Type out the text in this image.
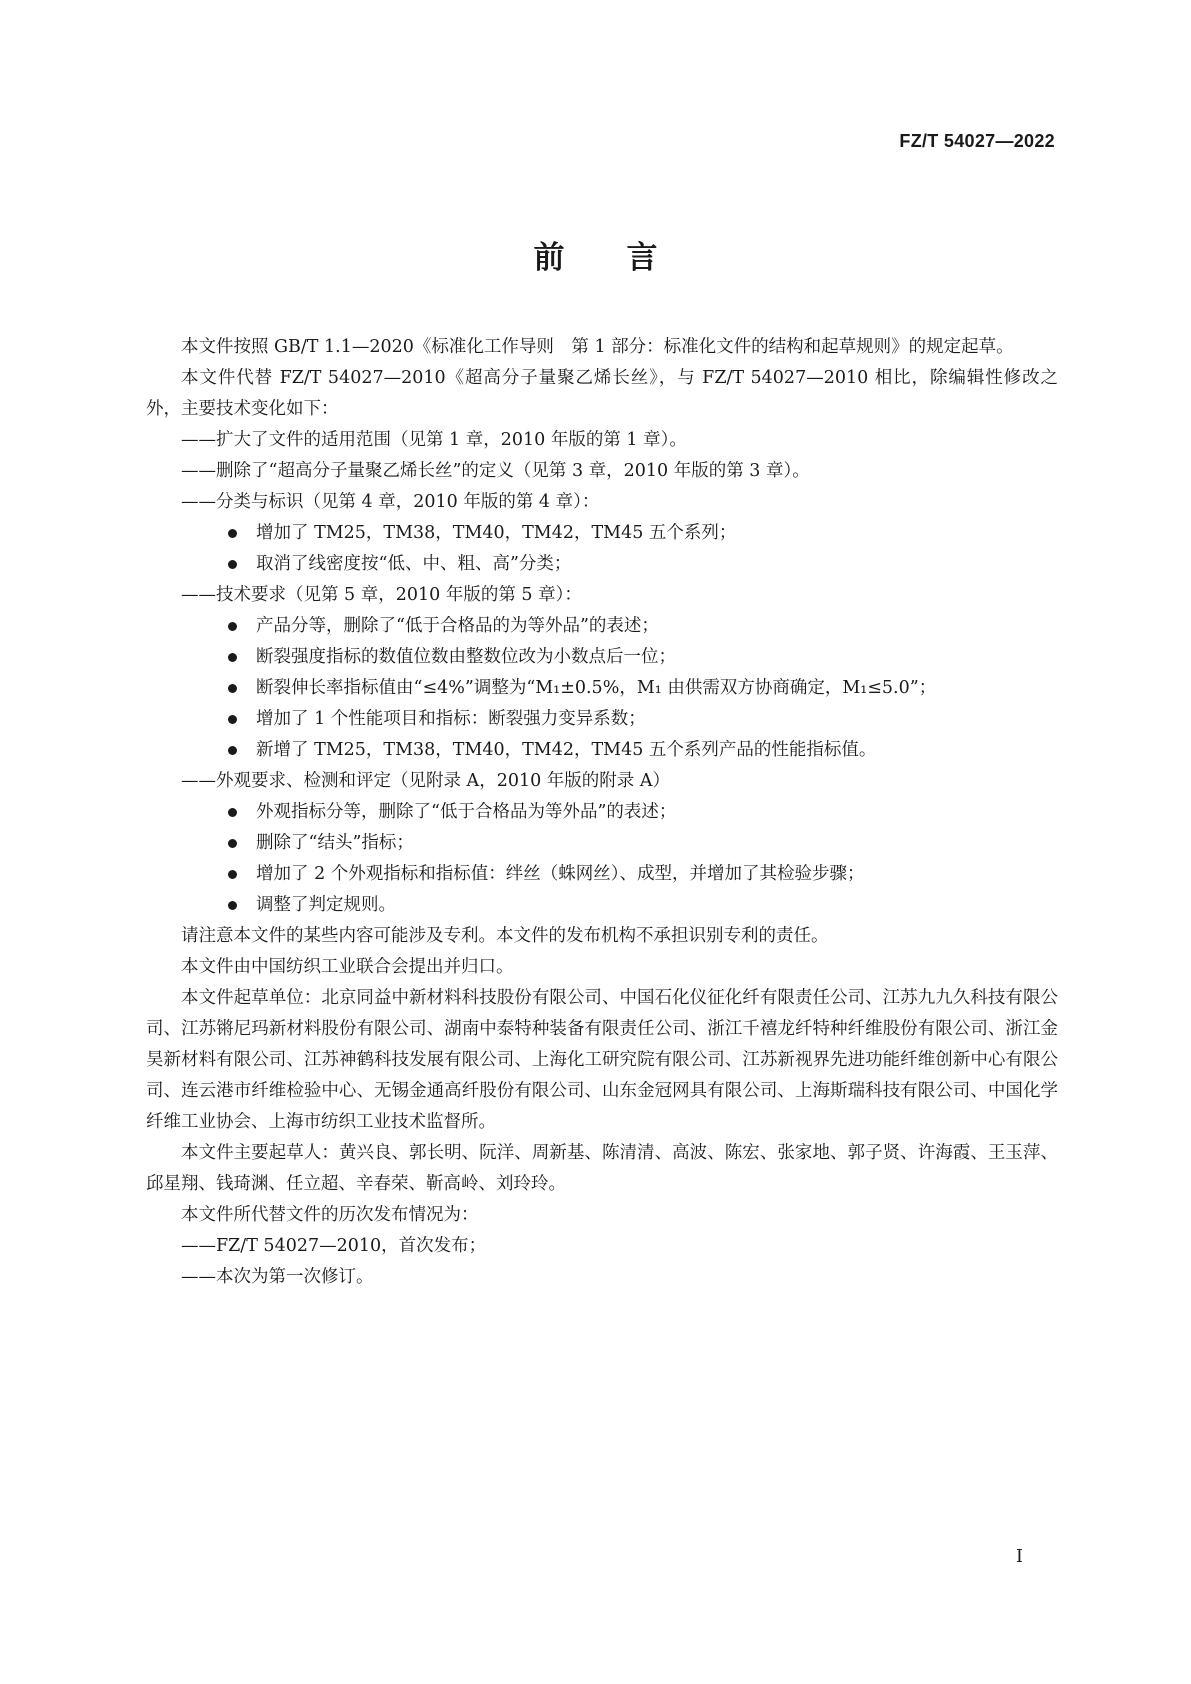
FZ/T 54027—2022
前言

本文件按照 GB/T 1.1—2020《标准化工作导则　第 1 部分：标准化文件的结构和起草规则》的规定起草。

本文件代替 FZ/T 54027—2010《超高分子量聚乙烯长丝》，与 FZ/T 54027—2010 相比，除编辑性修改之外，主要技术变化如下：

——扩大了文件的适用范围（见第 1 章，2010 年版的第 1 章）。

——删除了“超高分子量聚乙烯长丝”的定义（见第 3 章，2010 年版的第 3 章）。

——分类与标识（见第 4 章，2010 年版的第 4 章）：

增加了 TM25，TM38，TM40，TM42，TM45 五个系列；

取消了线密度按“低、中、粗、高”分类；

——技术要求（见第 5 章，2010 年版的第 5 章）：

产品分等，删除了“低于合格品的为等外品”的表述；

断裂强度指标的数值位数由整数位改为小数点后一位；

断裂伸长率指标值由“≤4%”调整为“M₁±0.5%，M₁ 由供需双方协商确定，M₁≤5.0”；

增加了 1 个性能项目和指标：断裂强力变异系数；

新增了 TM25，TM38，TM40，TM42，TM45 五个系列产品的性能指标值。

——外观要求、检测和评定（见附录 A，2010 年版的附录 A）

外观指标分等，删除了“低于合格品为等外品”的表述；

删除了“结头”指标；

增加了 2 个外观指标和指标值：绊丝（蛛网丝）、成型，并增加了其检验步骤；

调整了判定规则。

请注意本文件的某些内容可能涉及专利。本文件的发布机构不承担识别专利的责任。

本文件由中国纺织工业联合会提出并归口。

本文件起草单位：北京同益中新材料科技股份有限公司、中国石化仪征化纤有限责任公司、江苏九九久科技有限公司、江苏锵尼玛新材料股份有限公司、湖南中泰特种装备有限责任公司、浙江千禧龙纤特种纤维股份有限公司、浙江金昊新材料有限公司、江苏神鹤科技发展有限公司、上海化工研究院有限公司、江苏新视界先进功能纤维创新中心有限公司、连云港市纤维检验中心、无锡金通高纤股份有限公司、山东金冠网具有限公司、上海斯瑞科技有限公司、中国化学纤维工业协会、上海市纺织工业技术监督所。

本文件主要起草人：黄兴良、郭长明、阮洋、周新基、陈清清、高波、陈宏、张家地、郭子贤、许海霞、王玉萍、邱星翔、钱琦渊、任立超、辛春荣、靳高岭、刘玲玲。

本文件所代替文件的历次发布情况为：

——FZ/T 54027—2010，首次发布；

——本次为第一次修订。

I
